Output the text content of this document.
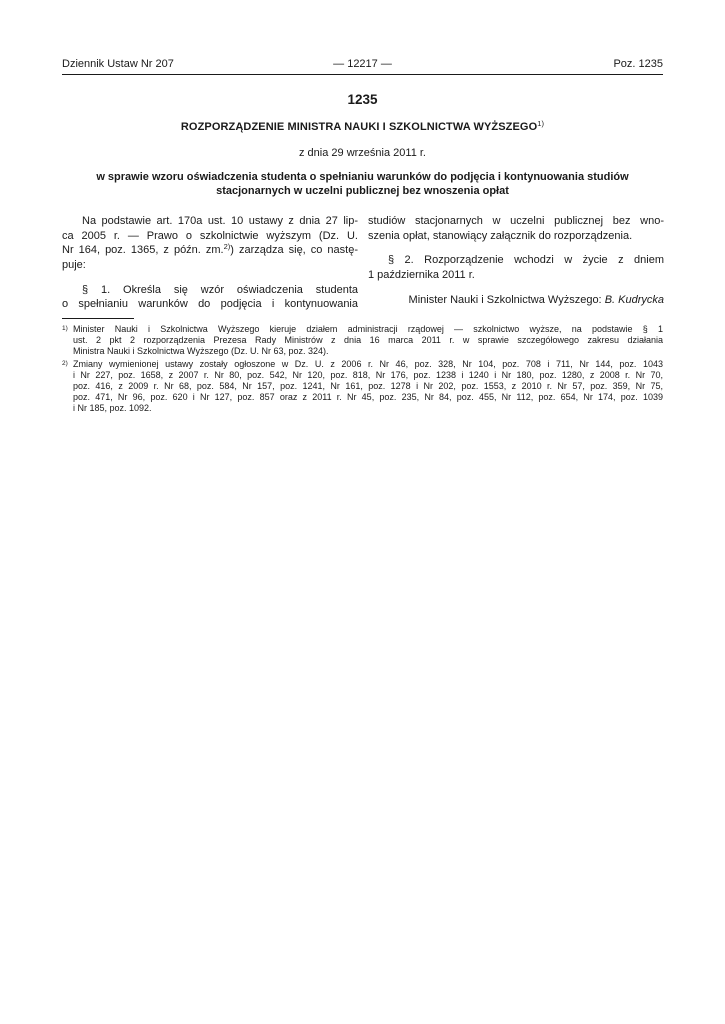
Dziennik Ustaw Nr 207	— 12217 —	Poz. 1235
1235
ROZPORZĄDZENIE MINISTRA NAUKI I SZKOLNICTWA WYŻSZEGO$^{1)}$
z dnia 29 września 2011 r.
w sprawie wzoru oświadczenia studenta o spełnianiu warunków do podjęcia i kontynuowania studiów
stacjonarnych w uczelni publicznej bez wnoszenia opłat
Na podstawie art. 170a ust. 10 ustawy z dnia 27 lip-
ca 2005 r. — Prawo o szkolnictwie wyższym (Dz. U.
Nr 164, poz. 1365, z późn. zm.$^{2)}$) zarządza się, co nastę-
puje:
§ 1. Określa się wzór oświadczenia studenta
o spełnianiu warunków do podjęcia i kontynuowania
studiów stacjonarnych w uczelni publicznej bez wno-
szenia opłat, stanowiący załącznik do rozporządzenia.
§ 2. Rozporządzenie wchodzi w życie z dniem
1 października 2011 r.
Minister Nauki i Szkolnictwa Wyższego: B. Kudrycka
1) Minister Nauki i Szkolnictwa Wyższego kieruje działem administracji rządowej — szkolnictwo wyższe, na podstawie § 1
ust. 2 pkt 2 rozporządzenia Prezesa Rady Ministrów z dnia 16 marca 2011 r. w sprawie szczegółowego zakresu działania
Ministra Nauki i Szkolnictwa Wyższego (Dz. U. Nr 63, poz. 324).
2) Zmiany wymienionej ustawy zostały ogłoszone w Dz. U. z 2006 r. Nr 46, poz. 328, Nr 104, poz. 708 i 711, Nr 144, poz. 1043
i Nr 227, poz. 1658, z 2007 r. Nr 80, poz. 542, Nr 120, poz. 818, Nr 176, poz. 1238 i 1240 i Nr 180, poz. 1280, z 2008 r. Nr 70,
poz. 416, z 2009 r. Nr 68, poz. 584, Nr 157, poz. 1241, Nr 161, poz. 1278 i Nr 202, poz. 1553, z 2010 r. Nr 57, poz. 359, Nr 75,
poz. 471, Nr 96, poz. 620 i Nr 127, poz. 857 oraz z 2011 r. Nr 45, poz. 235, Nr 84, poz. 455, Nr 112, poz. 654, Nr 174, poz. 1039
i Nr 185, poz. 1092.
